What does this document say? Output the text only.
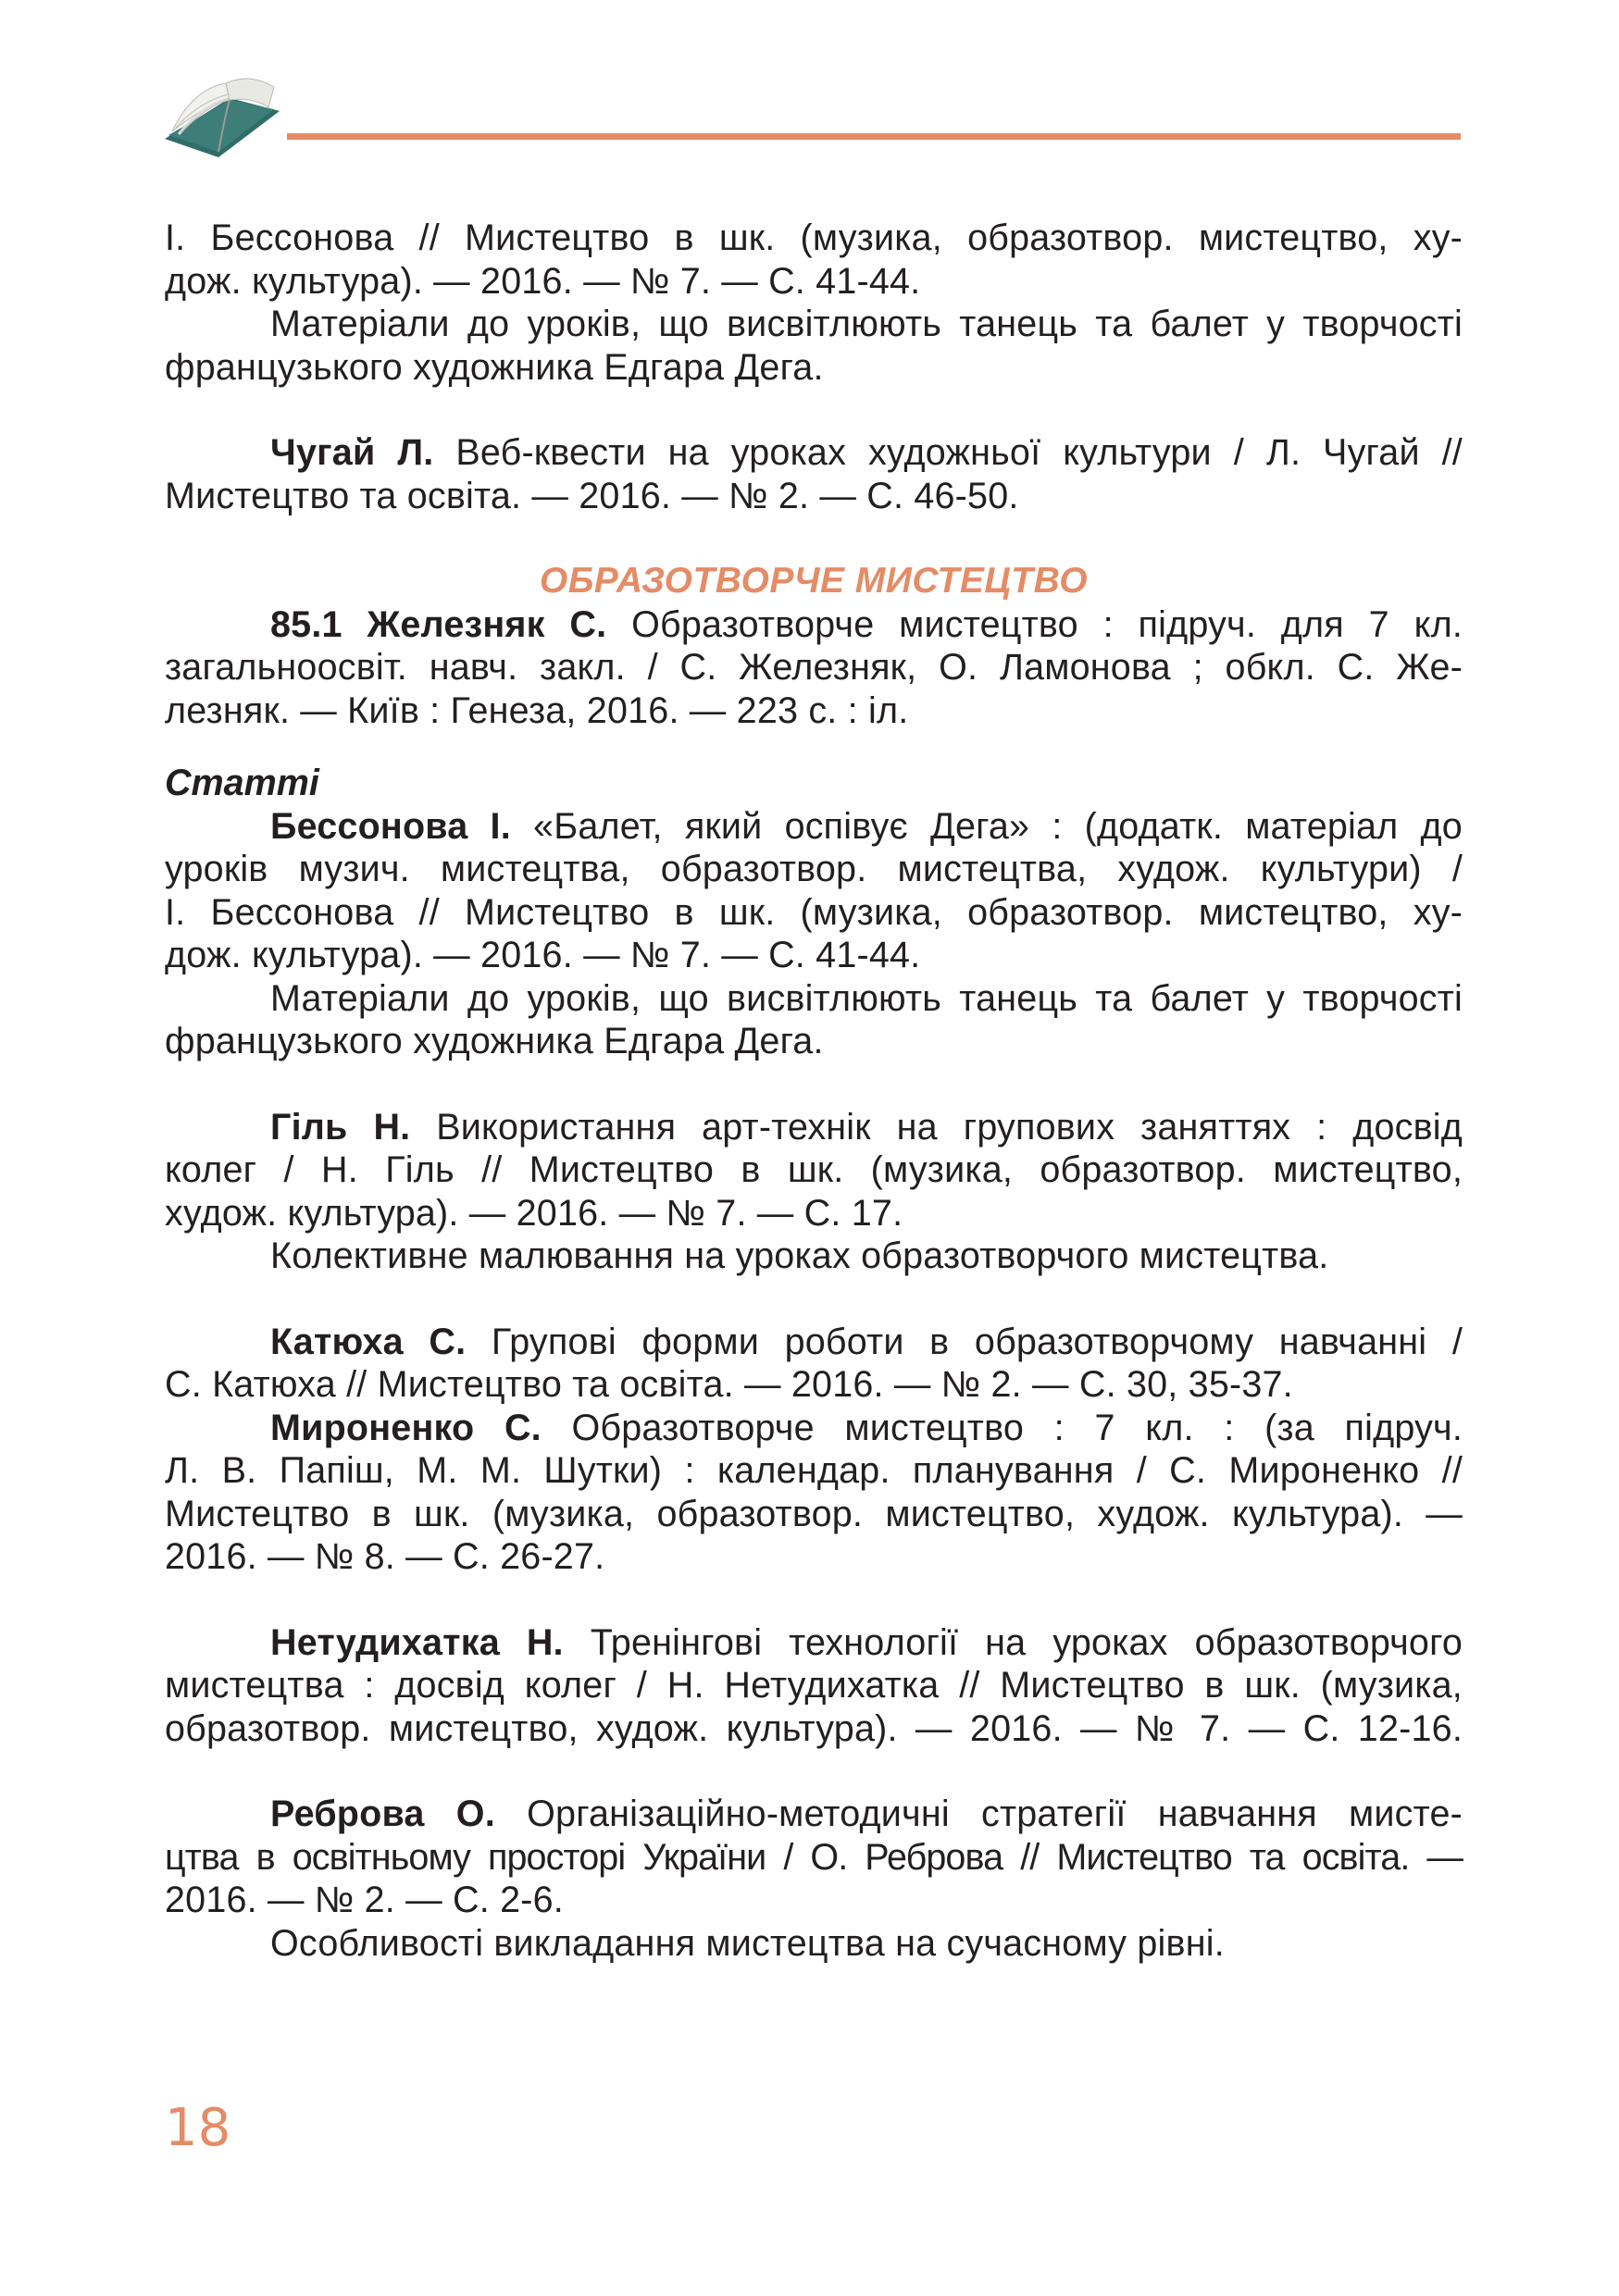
І. Бессонова // Мистецтво в шк. (музика, образотвор. мистецтво, ху-
дож. культура). — 2016. — № 7. — С. 41-44.
Матеріали до уроків, що висвітлюють танець та балет у творчості
французького художника Едгара Дега.
Чугай Л. Веб-квести на уроках художньої культури / Л. Чугай //
Мистецтво та освіта. — 2016. — № 2. — С. 46-50.
ОБРАЗОТВОРЧЕ МИСТЕЦТВО
85.1 Железняк С. Образотворче мистецтво : підруч. для 7 кл.
загальноосвіт. навч. закл. / С. Железняк, О. Ламонова ; обкл. С. Же-
лезняк. — Київ : Генеза, 2016. — 223 с. : іл.
Статті
Бессонова І. «Балет, який оспівує Дега» : (додатк. матеріал до
уроків музич. мистецтва, образотвор. мистецтва, худож. культури) /
І. Бессонова // Мистецтво в шк. (музика, образотвор. мистецтво, ху-
дож. культура). — 2016. — № 7. — С. 41-44.
Матеріали до уроків, що висвітлюють танець та балет у творчості
французького художника Едгара Дега.
Гіль Н. Використання арт-технік на групових заняттях : досвід
колег / Н. Гіль // Мистецтво в шк. (музика, образотвор. мистецтво,
худож. культура). — 2016. — № 7. — С. 17.
Колективне малювання на уроках образотворчого мистецтва.
Катюха С. Групові форми роботи в образотворчому навчанні /
С. Катюха // Мистецтво та освіта. — 2016. — № 2. — С. 30, 35-37.
Мироненко С. Образотворче мистецтво : 7 кл. : (за підруч.
Л. В. Папіш, М. М. Шутки) : календар. планування / С. Мироненко //
Мистецтво в шк. (музика, образотвор. мистецтво, худож. культура). —
2016. — № 8. — С. 26-27.
Нетудихатка Н. Тренінгові технології на уроках образотворчого
мистецтва : досвід колег / Н. Нетудихатка // Мистецтво в шк. (музика,
образотвор. мистецтво, худож. культура). — 2016. — № 7. — С. 12-16.
Реброва О. Організаційно-методичні стратегії навчання мисте-
цтва в освітньому просторі України / О. Реброва // Мистецтво та освіта. —
2016. — № 2. — С. 2-6.
Особливості викладання мистецтва на сучасному рівні.
18
